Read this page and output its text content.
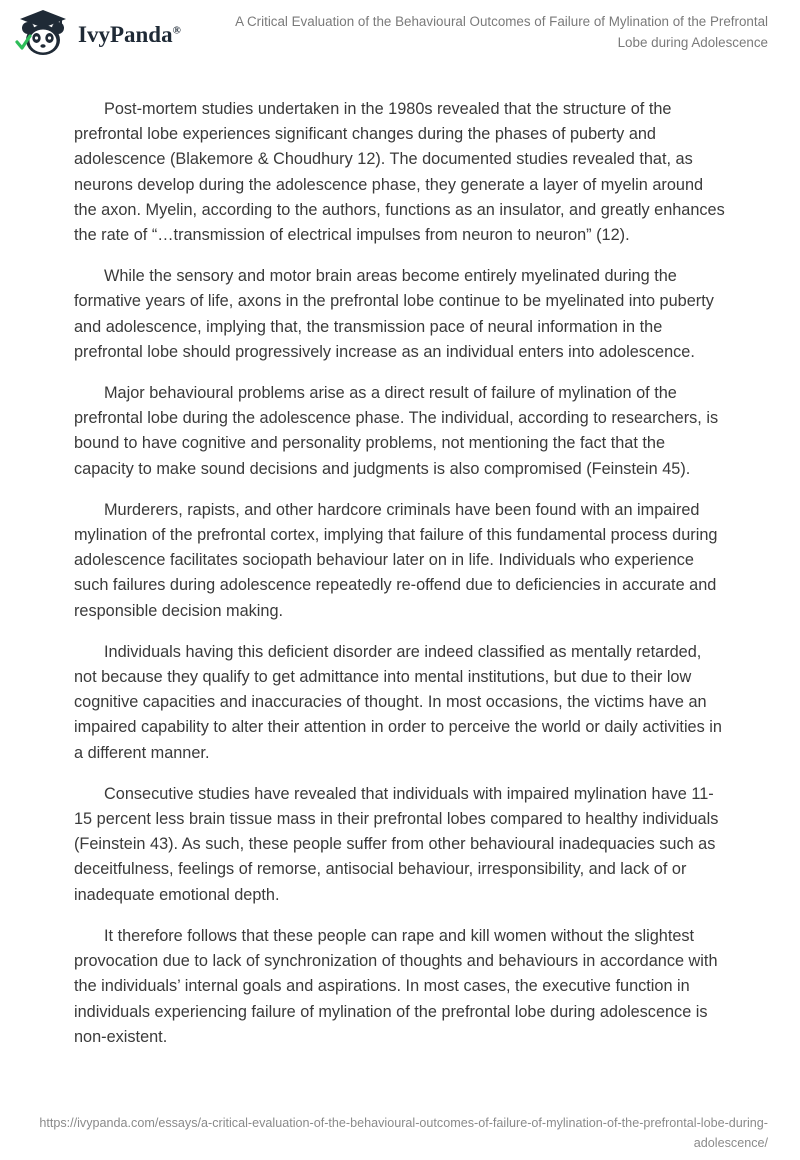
IvyPanda®
A Critical Evaluation of the Behavioural Outcomes of Failure of Mylination of the Prefrontal Lobe during Adolescence

Post-mortem studies undertaken in the 1980s revealed that the structure of the prefrontal lobe experiences significant changes during the phases of puberty and adolescence (Blakemore & Choudhury 12). The documented studies revealed that, as neurons develop during the adolescence phase, they generate a layer of myelin around the axon. Myelin, according to the authors, functions as an insulator, and greatly enhances the rate of “…transmission of electrical impulses from neuron to neuron” (12).

While the sensory and motor brain areas become entirely myelinated during the formative years of life, axons in the prefrontal lobe continue to be myelinated into puberty and adolescence, implying that, the transmission pace of neural information in the prefrontal lobe should progressively increase as an individual enters into adolescence.

Major behavioural problems arise as a direct result of failure of mylination of the prefrontal lobe during the adolescence phase. The individual, according to researchers, is bound to have cognitive and personality problems, not mentioning the fact that the capacity to make sound decisions and judgments is also compromised (Feinstein 45).

Murderers, rapists, and other hardcore criminals have been found with an impaired mylination of the prefrontal cortex, implying that failure of this fundamental process during adolescence facilitates sociopath behaviour later on in life. Individuals who experience such failures during adolescence repeatedly re-offend due to deficiencies in accurate and responsible decision making.

Individuals having this deficient disorder are indeed classified as mentally retarded, not because they qualify to get admittance into mental institutions, but due to their low cognitive capacities and inaccuracies of thought. In most occasions, the victims have an impaired capability to alter their attention in order to perceive the world or daily activities in a different manner.

Consecutive studies have revealed that individuals with impaired mylination have 11-15 percent less brain tissue mass in their prefrontal lobes compared to healthy individuals (Feinstein 43). As such, these people suffer from other behavioural inadequacies such as deceitfulness, feelings of remorse, antisocial behaviour, irresponsibility, and lack of or inadequate emotional depth.

It therefore follows that these people can rape and kill women without the slightest provocation due to lack of synchronization of thoughts and behaviours in accordance with the individuals’ internal goals and aspirations. In most cases, the executive function in individuals experiencing failure of mylination of the prefrontal lobe during adolescence is non-existent.

https://ivypanda.com/essays/a-critical-evaluation-of-the-behavioural-outcomes-of-failure-of-mylination-of-the-prefrontal-lobe-during-adolescence/
